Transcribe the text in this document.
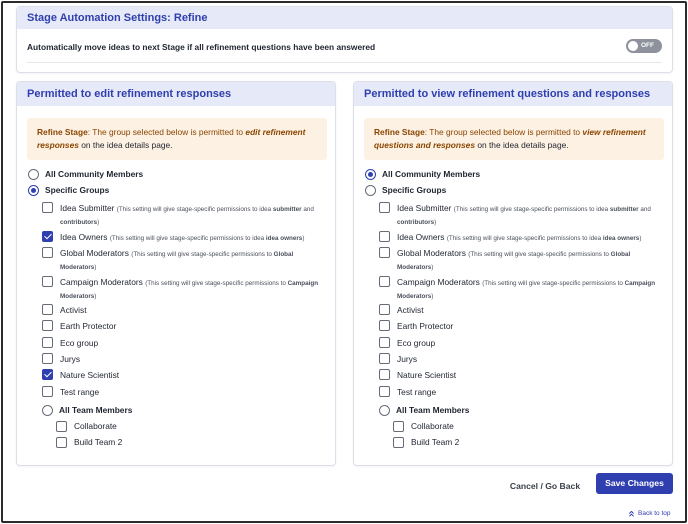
Stage Automation Settings: Refine
Automatically move ideas to next Stage if all refinement questions have been answered	OFF
Permitted to edit refinement responses
Refine Stage: The group selected below is permitted to edit refinement responses on the idea details page.
All Community Members
Specific Groups
Idea Submitter (This setting will give stage-specific permissions to idea submitter and contributors)
Idea Owners (This setting will give stage-specific permissions to idea idea owners)
Global Moderators (This setting will give stage-specific permissions to Global Moderators)
Campaign Moderators (This setting will give stage-specific permissions to Campaign Moderators)
Activist
Earth Protector
Eco group
Jurys
Nature Scientist
Test range
All Team Members
Collaborate
Build Team 2
Permitted to view refinement questions and responses
Refine Stage: The group selected below is permitted to view refinement questions and responses on the idea details page.
All Community Members
Specific Groups
Idea Submitter (This setting will give stage-specific permissions to idea submitter and contributors)
Idea Owners (This setting will give stage-specific permissions to idea idea owners)
Global Moderators (This setting will give stage-specific permissions to Global Moderators)
Campaign Moderators (This setting will give stage-specific permissions to Campaign Moderators)
Activist
Earth Protector
Eco group
Jurys
Nature Scientist
Test range
All Team Members
Collaborate
Build Team 2
Cancel / Go Back	Save Changes
Back to top
